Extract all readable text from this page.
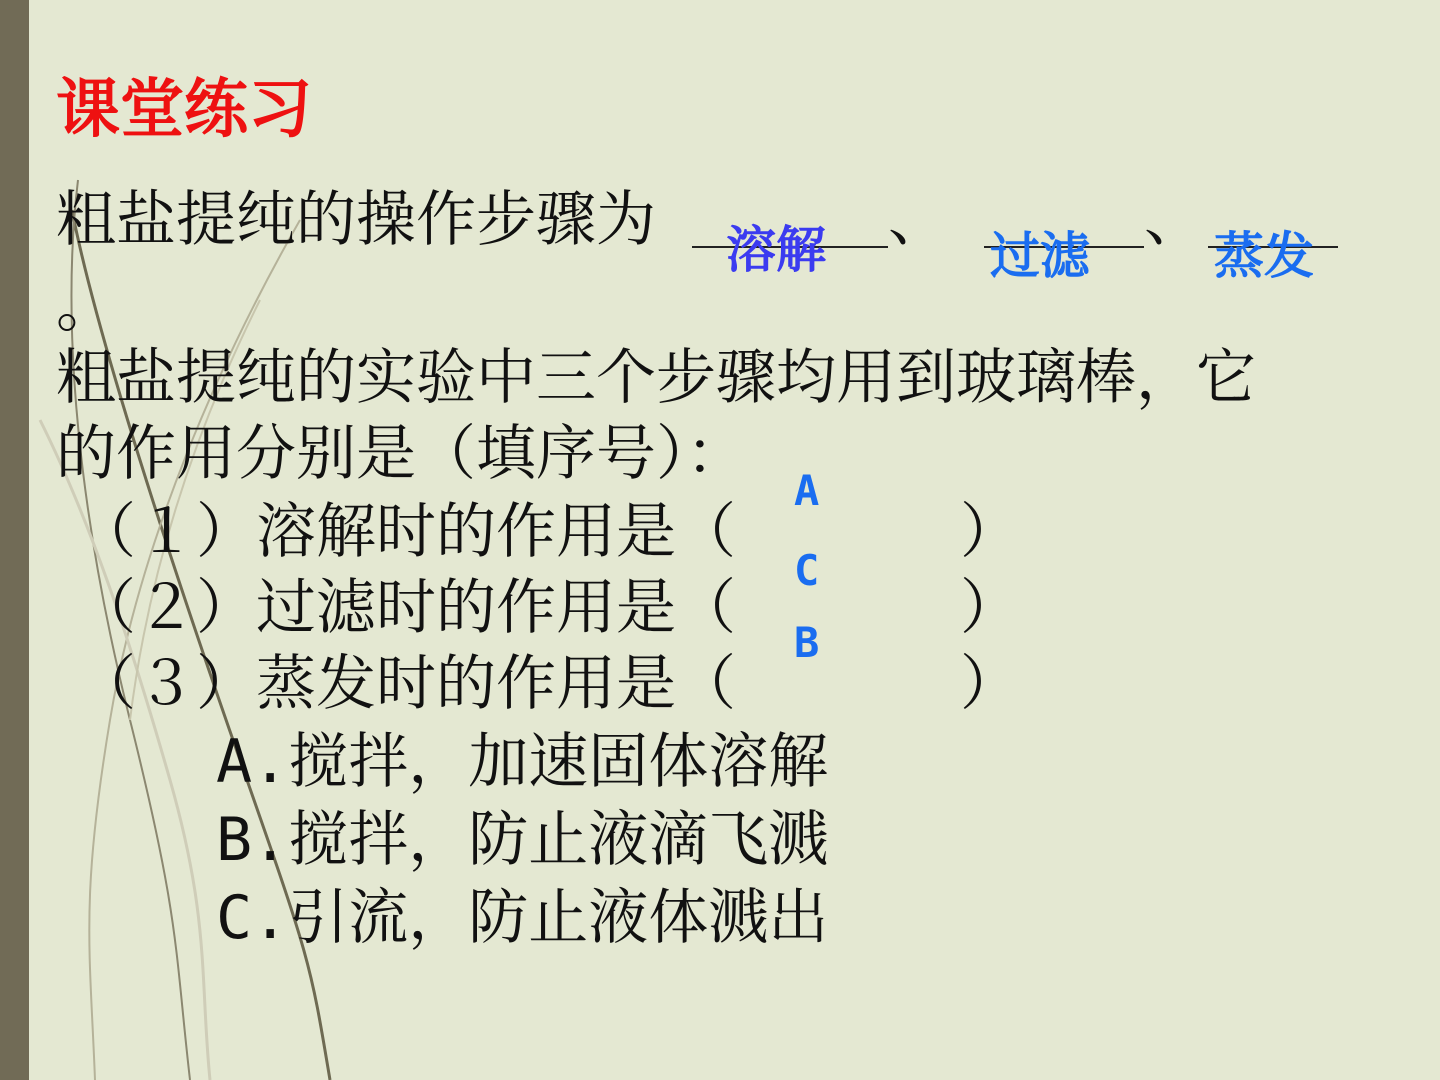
课堂练习
粗盐提纯的操作步骤为 溶解 、
过滤
、
蒸发
。
粗盐提纯的实验中三个步骤均用到玻璃棒，它
的作用分别是（填序号）：
（１）溶解时的作用是（	）
A
（２）过滤时的作用是（	）
C
（３）蒸发时的作用是（	）
B
A.搅拌，加速固体溶解
B.搅拌，防止液滴飞溅
C.引流，防止液体溅出
